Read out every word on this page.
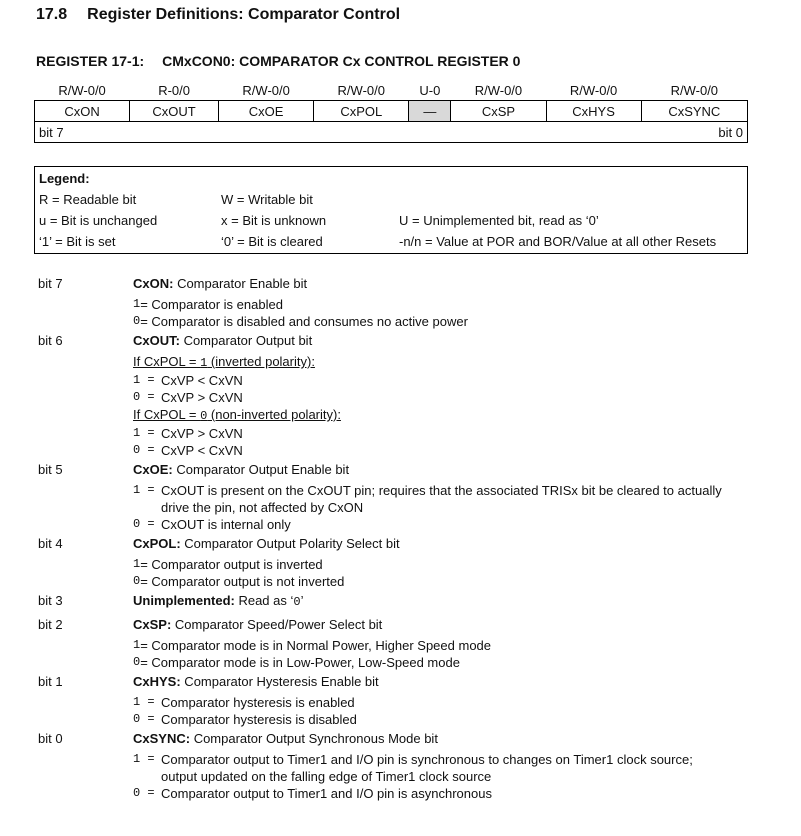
17.8 Register Definitions: Comparator Control
REGISTER 17-1: CMxCON0: COMPARATOR Cx CONTROL REGISTER 0
R/W-0/0	R-0/0	R/W-0/0	R/W-0/0	U-0	R/W-0/0	R/W-0/0	R/W-0/0
CxON	CxOUT	CxOE	CxPOL	—	CxSP	CxHYS	CxSYNC
bit 7 bit 0							
Legend:
R = Readable bit	W = Writable bit
u = Bit is unchanged	x = Bit is unknown	U = Unimplemented bit, read as ‘0’
‘1’ = Bit is set	‘0’ = Bit is cleared	-n/n = Value at POR and BOR/Value at all other Resets
bit 7	CxON: Comparator Enable bit
1 = Comparator is enabled
0 = Comparator is disabled and consumes no active power
bit 6	CxOUT: Comparator Output bit
If CxPOL = 1 (inverted polarity):
1 = CxVP < CxVN
0 = CxVP > CxVN
If CxPOL = 0 (non-inverted polarity):
1 = CxVP > CxVN
0 = CxVP < CxVN
bit 5	CxOE: Comparator Output Enable bit
1 = CxOUT is present on the CxOUT pin; requires that the associated TRISx bit be cleared to actually
drive the pin, not affected by CxON
0 = CxOUT is internal only
bit 4	CxPOL: Comparator Output Polarity Select bit
1 = Comparator output is inverted
0 = Comparator output is not inverted
bit 3	Unimplemented: Read as ‘0’
bit 2	CxSP: Comparator Speed/Power Select bit
1 = Comparator mode is in Normal Power, Higher Speed mode
0 = Comparator mode is in Low-Power, Low-Speed mode
bit 1	CxHYS: Comparator Hysteresis Enable bit
1 = Comparator hysteresis is enabled
0 = Comparator hysteresis is disabled
bit 0	CxSYNC: Comparator Output Synchronous Mode bit
1 = Comparator output to Timer1 and I/O pin is synchronous to changes on Timer1 clock source;
output updated on the falling edge of Timer1 clock source
0 = Comparator output to Timer1 and I/O pin is asynchronous
